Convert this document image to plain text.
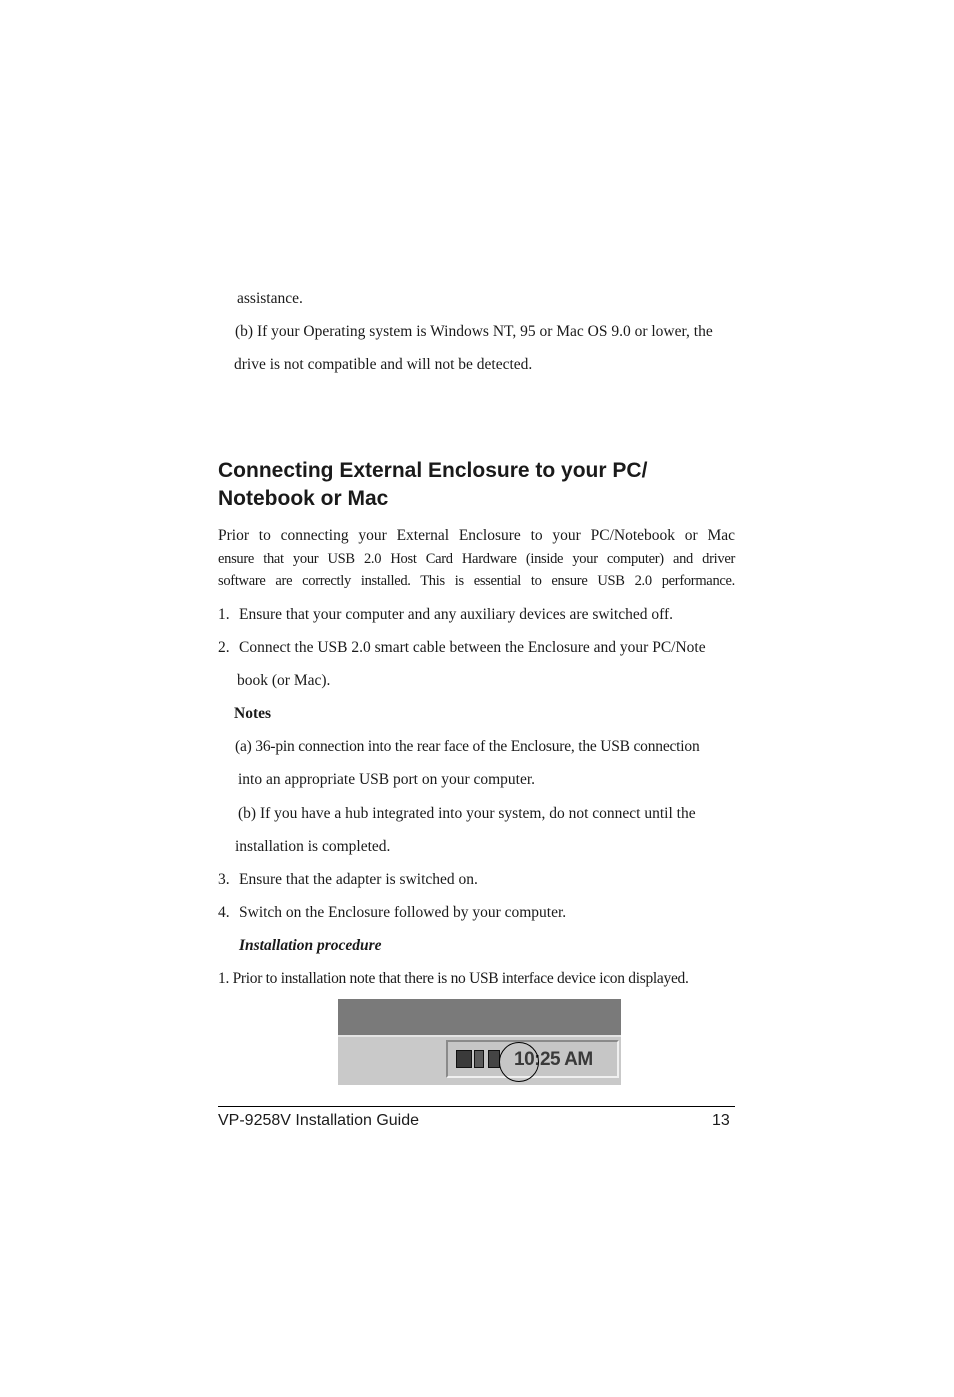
assistance.
(b) If your Operating system is Windows NT, 95 or Mac OS 9.0 or lower, the
drive is not compatible and will not be detected.
Connecting External Enclosure to your PC/
Notebook or Mac
Prior to connecting your External Enclosure to your PC/Notebook or Mac
ensure that your USB 2.0 Host Card Hardware (inside your computer) and driver
software are correctly installed. This is essential to ensure USB 2.0 performance.
1. Ensure that your computer and any auxiliary devices are switched off.
2. Connect the USB 2.0 smart cable between the Enclosure and your PC/Note
book (or Mac).
Notes
(a) 36-pin connection into the rear face of the Enclosure, the USB connection
into an appropriate USB port on your computer.
(b) If you have a hub integrated into your system, do not connect until the
installation is completed.
3. Ensure that the adapter is switched on.
4. Switch on the Enclosure followed by your computer.
Installation procedure
1. Prior to installation note that there is no USB interface device icon displayed.
10:25 AM
VP-9258V Installation Guide	13
